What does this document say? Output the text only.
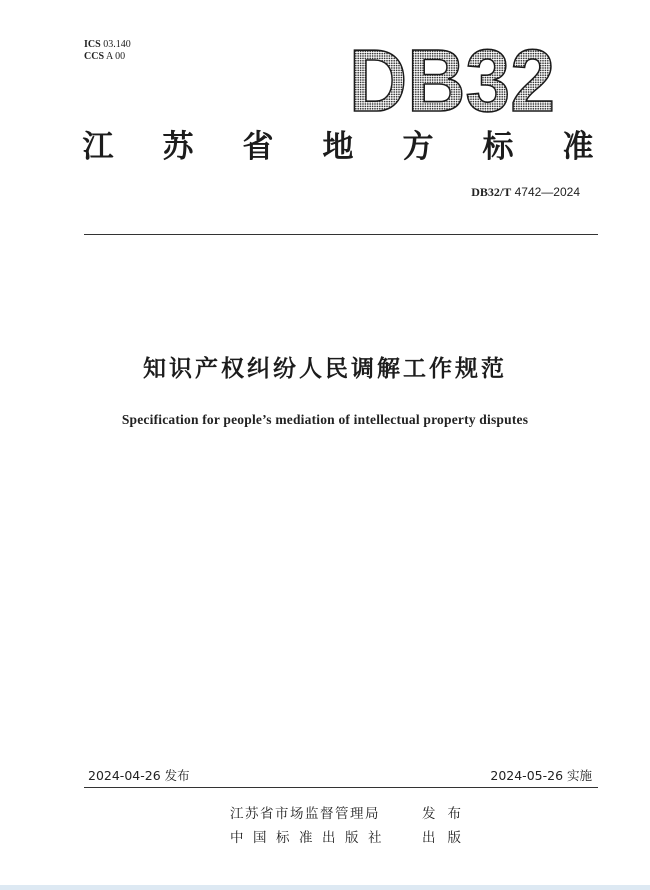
ICS 03.140
CCS A 00	DB32
江 苏 省 地 方 标 准
DB32/T 4742—2024
知识产权纠纷人民调解工作规范
Specification for people’s mediation of intellectual property disputes
2024-04-26 发布	2024-05-26 实施
江苏省市场监督管理局	发布
中国标准出版社 出版
